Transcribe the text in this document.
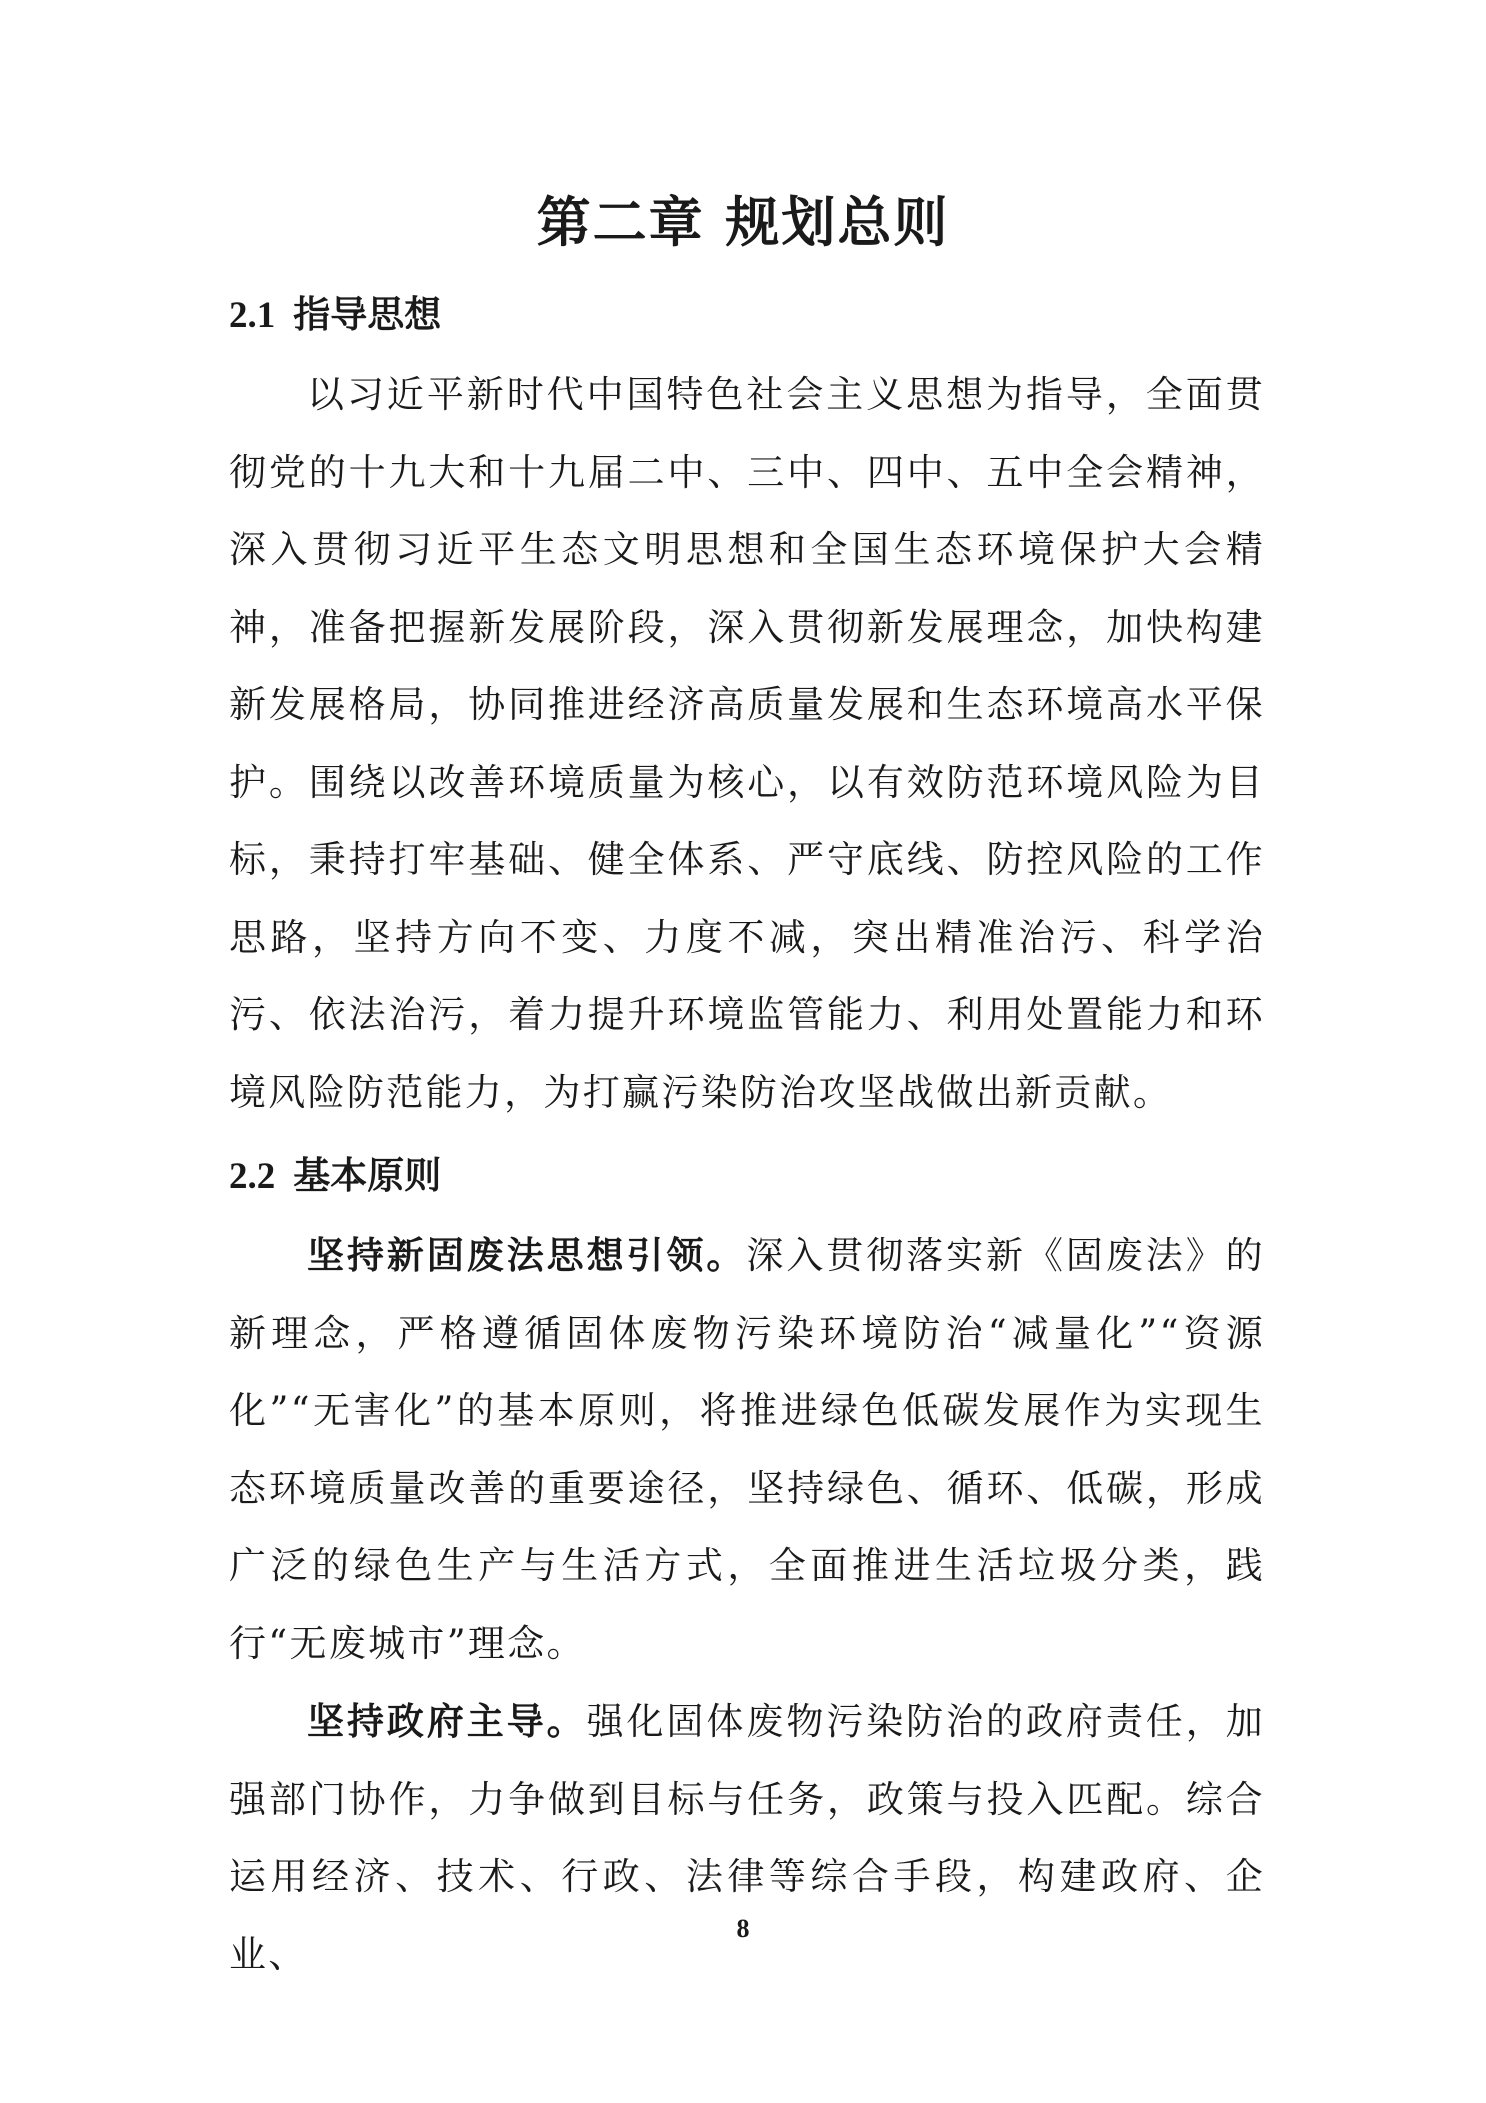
第二章 规划总则
2.1 指导思想

以习近平新时代中国特色社会主义思想为指导，全面贯彻党的十九大和十九届二中、三中、四中、五中全会精神，深入贯彻习近平生态文明思想和全国生态环境保护大会精神，准备把握新发展阶段，深入贯彻新发展理念，加快构建新发展格局，协同推进经济高质量发展和生态环境高水平保护。围绕以改善环境质量为核心，以有效防范环境风险为目标，秉持打牢基础、健全体系、严守底线、防控风险的工作思路，坚持方向不变、力度不减，突出精准治污、科学治污、依法治污，着力提升环境监管能力、利用处置能力和环境风险防范能力，为打赢污染防治攻坚战做出新贡献。

2.2 基本原则

坚持新固废法思想引领。深入贯彻落实新《固废法》的新理念，严格遵循固体废物污染环境防治“减量化”“资源化”“无害化”的基本原则，将推进绿色低碳发展作为实现生态环境质量改善的重要途径，坚持绿色、循环、低碳，形成广泛的绿色生产与生活方式，全面推进生活垃圾分类，践行“无废城市”理念。

坚持政府主导。强化固体废物污染防治的政府责任，加强部门协作，力争做到目标与任务，政策与投入匹配。综合运用经济、技术、行政、法律等综合手段，构建政府、企业、

8
